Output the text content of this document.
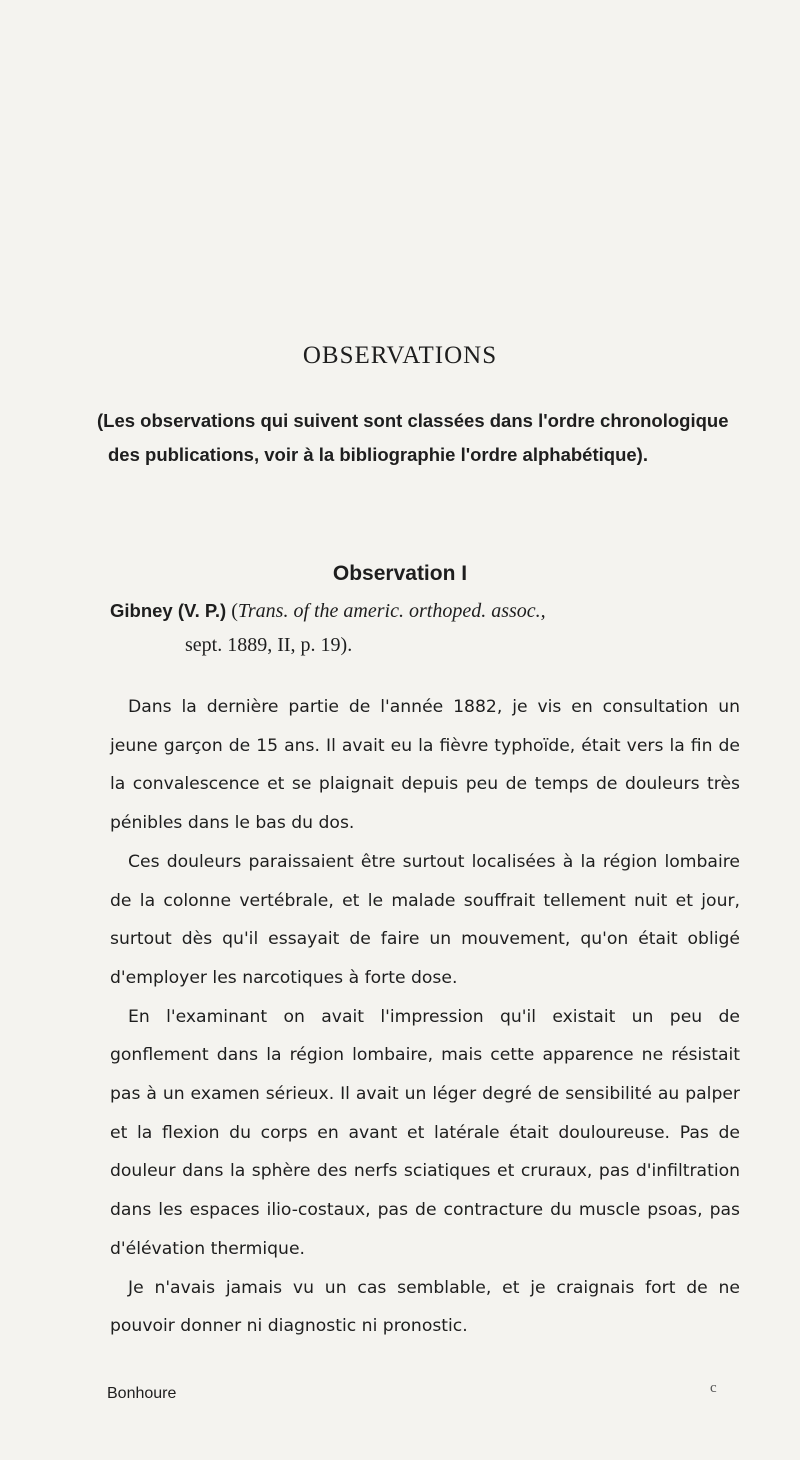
OBSERVATIONS

(Les observations qui suivent sont classées dans l'ordre chronologique des publications, voir à la bibliographie l'ordre alphabétique).

Observation I

Gibney (V. P.) (Trans. of the americ. orthoped. assoc.,
sept. 1889, II, p. 19).

Dans la dernière partie de l'année 1882, je vis en consultation un jeune garçon de 15 ans. Il avait eu la fièvre typhoïde, était vers la fin de la convalescence et se plaignait depuis peu de temps de douleurs très pénibles dans le bas du dos.

Ces douleurs paraissaient être surtout localisées à la région lombaire de la colonne vertébrale, et le malade souffrait tellement nuit et jour, surtout dès qu'il essayait de faire un mouvement, qu'on était obligé d'employer les narcotiques à forte dose.

En l'examinant on avait l'impression qu'il existait un peu de gonflement dans la région lombaire, mais cette apparence ne résistait pas à un examen sérieux. Il avait un léger degré de sensibilité au palper et la flexion du corps en avant et latérale était douloureuse. Pas de douleur dans la sphère des nerfs sciatiques et cruraux, pas d'infiltration dans les espaces ilio-costaux, pas de contracture du muscle psoas, pas d'élévation thermique.

Je n'avais jamais vu un cas semblable, et je craignais fort de ne pouvoir donner ni diagnostic ni pronostic.

Bonhoure	c
